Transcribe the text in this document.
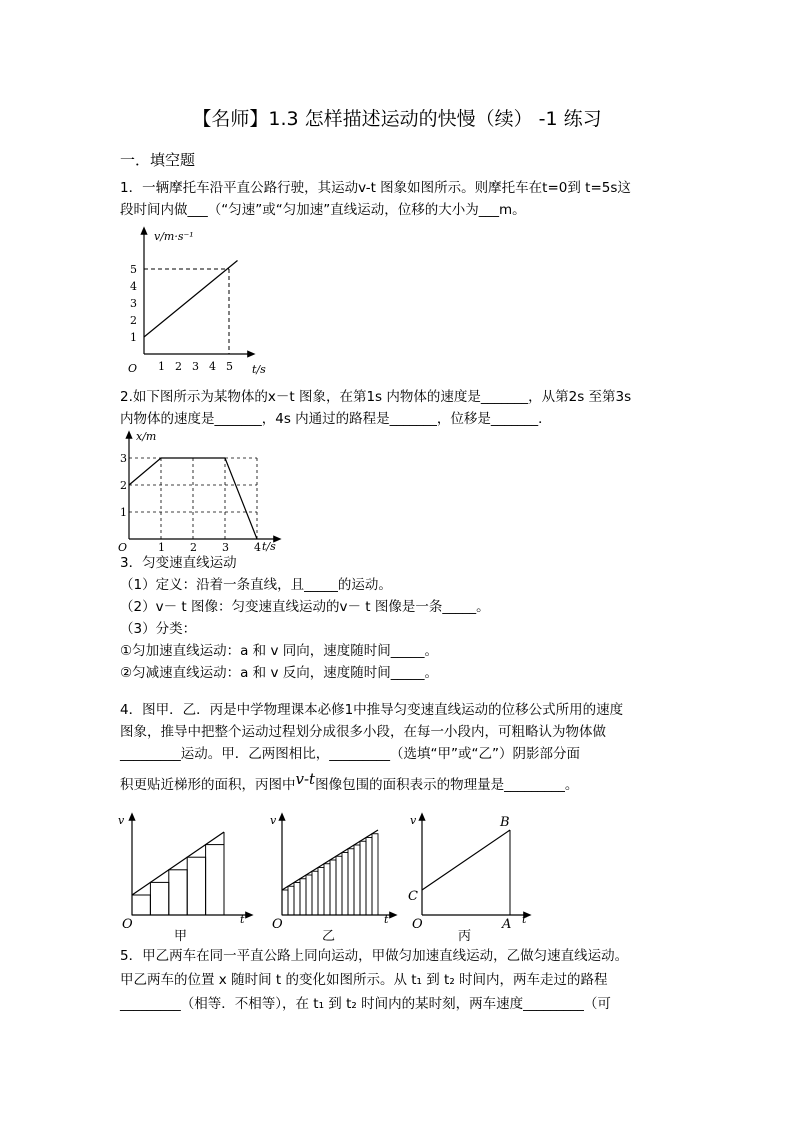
【名师】1.3 怎样描述运动的快慢（续） -1 练习
一．填空题
1．一辆摩托车沿平直公路行驶，其运动v-t 图象如图所示。则摩托车在t=0到 t=5s这
段时间内做___（“匀速”或“匀加速”直线运动，位移的大小为___m。
v/m·s⁻¹
t/s
O
1
2
3
4
5
1 2 3 4 5
2.如下图所示为某物体的x－t 图象，在第1s 内物体的速度是_______，从第2s 至第3s
内物体的速度是_______，4s 内通过的路程是_______，位移是_______．
x/m
t/s
O
1
2
3
1 2 3 4
3．匀变速直线运动
（1）定义：沿着一条直线，且_____的运动。
（2）v－ t 图像：匀变速直线运动的v－ t 图像是一条_____。
（3）分类：
①匀加速直线运动：a 和 v 同向，速度随时间_____。
②匀减速直线运动：a 和 v 反向，速度随时间_____。
4．图甲．乙．丙是中学物理课本必修1中推导匀变速直线运动的位移公式所用的速度
图象，推导中把整个运动过程划分成很多小段，在每一小段内，可粗略认为物体做
_________运动。甲．乙两图相比，_________（选填“甲”或“乙”）阴影部分面
积更贴近梯形的面积，丙图中v-t图像包围的面积表示的物理量是_________。
v
t
O
甲
v
t
O
乙
v
t
O
B
C
A
丙
5．甲乙两车在同一平直公路上同向运动，甲做匀加速直线运动，乙做匀速直线运动。
甲乙两车的位置 x 随时间 t 的变化如图所示。从 t₁ 到 t₂ 时间内，两车走过的路程
_________（相等．不相等），在 t₁ 到 t₂ 时间内的某时刻，两车速度_________（可
